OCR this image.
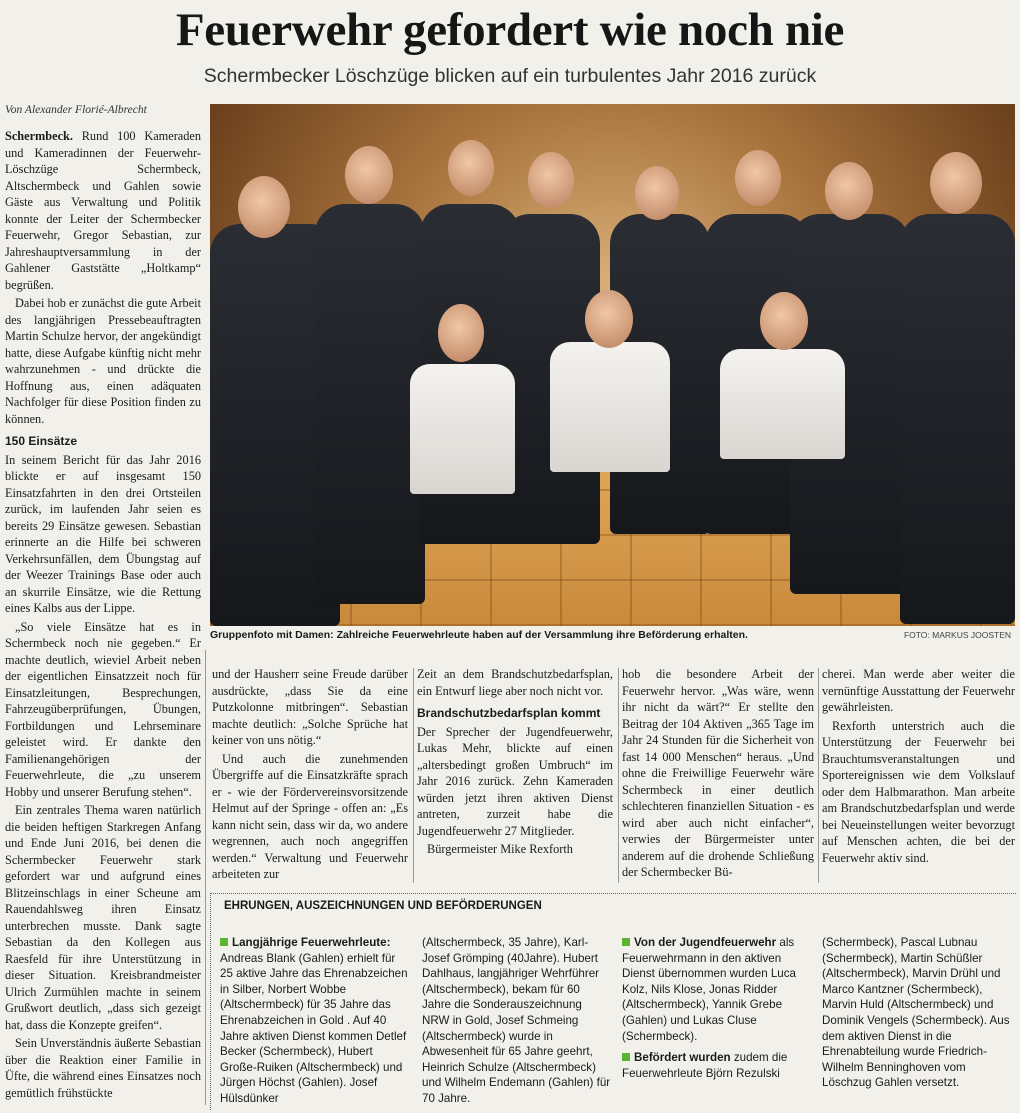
Feuerwehr gefordert wie noch nie
Schermbecker Löschzüge blicken auf ein turbulentes Jahr 2016 zurück
Von Alexander Florié-Albrecht

Schermbeck. Rund 100 Kameraden und Kameradinnen der Feuerwehr-Löschzüge Schermbeck, Altschermbeck und Gahlen sowie Gäste aus Verwaltung und Politik konnte der Leiter der Schermbecker Feuerwehr, Gregor Sebastian, zur Jahreshauptversammlung in der Gahlener Gaststätte „Holtkamp“ begrüßen.

Dabei hob er zunächst die gute Arbeit des langjährigen Pressebeauftragten Martin Schulze hervor, der angekündigt hatte, diese Aufgabe künftig nicht mehr wahrzunehmen - und drückte die Hoffnung aus, einen adäquaten Nachfolger für diese Position finden zu können.

150 Einsätze

In seinem Bericht für das Jahr 2016 blickte er auf insgesamt 150 Einsatzfahrten in den drei Ortsteilen zurück, im laufenden Jahr seien es bereits 29 Einsätze gewesen. Sebastian erinnerte an die Hilfe bei schweren Verkehrsunfällen, dem Übungstag auf der Weezer Trainings Base oder auch an skurrile Einsätze, wie die Rettung eines Kalbs aus der Lippe.

„So viele Einsätze hat es in Schermbeck noch nie gegeben.“ Er machte deutlich, wieviel Arbeit neben der eigentlichen Einsatzzeit noch für Einsatzleitungen, Besprechungen, Fahrzeugüberprüfungen, Übungen, Fortbildungen und Lehrseminare geleistet wird. Er dankte den Familienangehörigen der Feuerwehrleute, die „zu unserem Hobby und unserer Berufung stehen“.

Ein zentrales Thema waren natürlich die beiden heftigen Starkregen Anfang und Ende Juni 2016, bei denen die Schermbecker Feuerwehr stark gefordert war und aufgrund eines Blitzeinschlags in einer Scheune am Rauendahlsweg ihren Einsatz unterbrechen musste. Dank sagte Sebastian da den Kollegen aus Raesfeld für ihre Unterstützung in dieser Situation. Kreisbrandmeister Ulrich Zurmühlen machte in seinem Grußwort deutlich, „dass sich gezeigt hat, dass die Konzepte greifen“.

Sein Unverständnis äußerte Sebastian über die Reaktion einer Familie in Üfte, die während eines Einsatzes noch gemütlich frühstückte

Gruppenfoto mit Damen: Zahlreiche Feuerwehrleute haben auf der Versammlung ihre Beförderung erhalten.	FOTO: MARKUS JOOSTEN

und der Hausherr seine Freude darüber ausdrückte, „dass Sie da eine Putzkolonne mitbringen“. Sebastian machte deutlich: „Solche Sprüche hat keiner von uns nötig.“

Und auch die zunehmenden Übergriffe auf die Einsatzkräfte sprach er - wie der Fördervereinsvorsitzende Helmut auf der Springe - offen an: „Es kann nicht sein, dass wir da, wo andere wegrennen, auch noch angegriffen werden.“ Verwaltung und Feuerwehr arbeiteten zur

Zeit an dem Brandschutzbedarfsplan, ein Entwurf liege aber noch nicht vor.

Brandschutzbedarfsplan kommt

Der Sprecher der Jugendfeuerwehr, Lukas Mehr, blickte auf einen „altersbedingt großen Umbruch“ im Jahr 2016 zurück. Zehn Kameraden würden jetzt ihren aktiven Dienst antreten, zurzeit habe die Jugendfeuerwehr 27 Mitglieder.

Bürgermeister Mike Rexforth

hob die besondere Arbeit der Feuerwehr hervor. „Was wäre, wenn ihr nicht da wärt?“ Er stellte den Beitrag der 104 Aktiven „365 Tage im Jahr 24 Stunden für die Sicherheit von fast 14 000 Menschen“ heraus. „Und ohne die Freiwillige Feuerwehr wäre Schermbeck in einer deutlich schlechteren finanziellen Situation - es wird aber auch nicht einfacher“, verwies der Bürgermeister unter anderem auf die drohende Schließung der Schermbecker Bü-

cherei. Man werde aber weiter die vernünftige Ausstattung der Feuerwehr gewährleisten.

Rexforth unterstrich auch die Unterstützung der Feuerwehr bei Brauchtumsveranstaltungen und Sportereignissen wie dem Volkslauf oder dem Halbmarathon. Man arbeite am Brandschutzbedarfsplan und werde bei Neueinstellungen weiter bevorzugt auf Menschen achten, die bei der Feuerwehr aktiv sind.

EHRUNGEN, AUSZEICHNUNGEN UND BEFÖRDERUNGEN

Langjährige Feuerwehrleute: Andreas Blank (Gahlen) erhielt für 25 aktive Jahre das Ehrenabzeichen in Silber, Norbert Wobbe (Altschermbeck) für 35 Jahre das Ehrenabzeichen in Gold . Auf 40 Jahre aktiven Dienst kommen Detlef Becker (Schermbeck), Hubert Große-Ruiken (Altschermbeck) und Jürgen Höchst (Gahlen). Josef Hülsdünker

(Altschermbeck, 35 Jahre), Karl-Josef Grömping (40Jahre). Hubert Dahlhaus, langjähriger Wehrführer (Altschermbeck), bekam für 60 Jahre die Sonderauszeichnung NRW in Gold, Josef Schmeing (Altschermbeck) wurde in Abwesenheit für 65 Jahre geehrt, Heinrich Schulze (Altschermbeck) und Wilhelm Endemann (Gahlen) für 70 Jahre.

Von der Jugendfeuerwehr als Feuerwehrmann in den aktiven Dienst übernommen wurden Luca Kolz, Nils Klose, Jonas Ridder (Altschermbeck), Yannik Grebe (Gahlen) und Lukas Cluse (Schermbeck).

Befördert wurden zudem die Feuerwehrleute Björn Rezulski

(Schermbeck), Pascal Lubnau (Schermbeck), Martin Schüßler (Altschermbeck), Marvin Drühl und Marco Kantzner (Schermbeck), Marvin Huld (Altschermbeck) und Dominik Vengels (Schermbeck). Aus dem aktiven Dienst in die Ehrenabteilung wurde Friedrich-Wilhelm Benninghoven vom Löschzug Gahlen versetzt.
